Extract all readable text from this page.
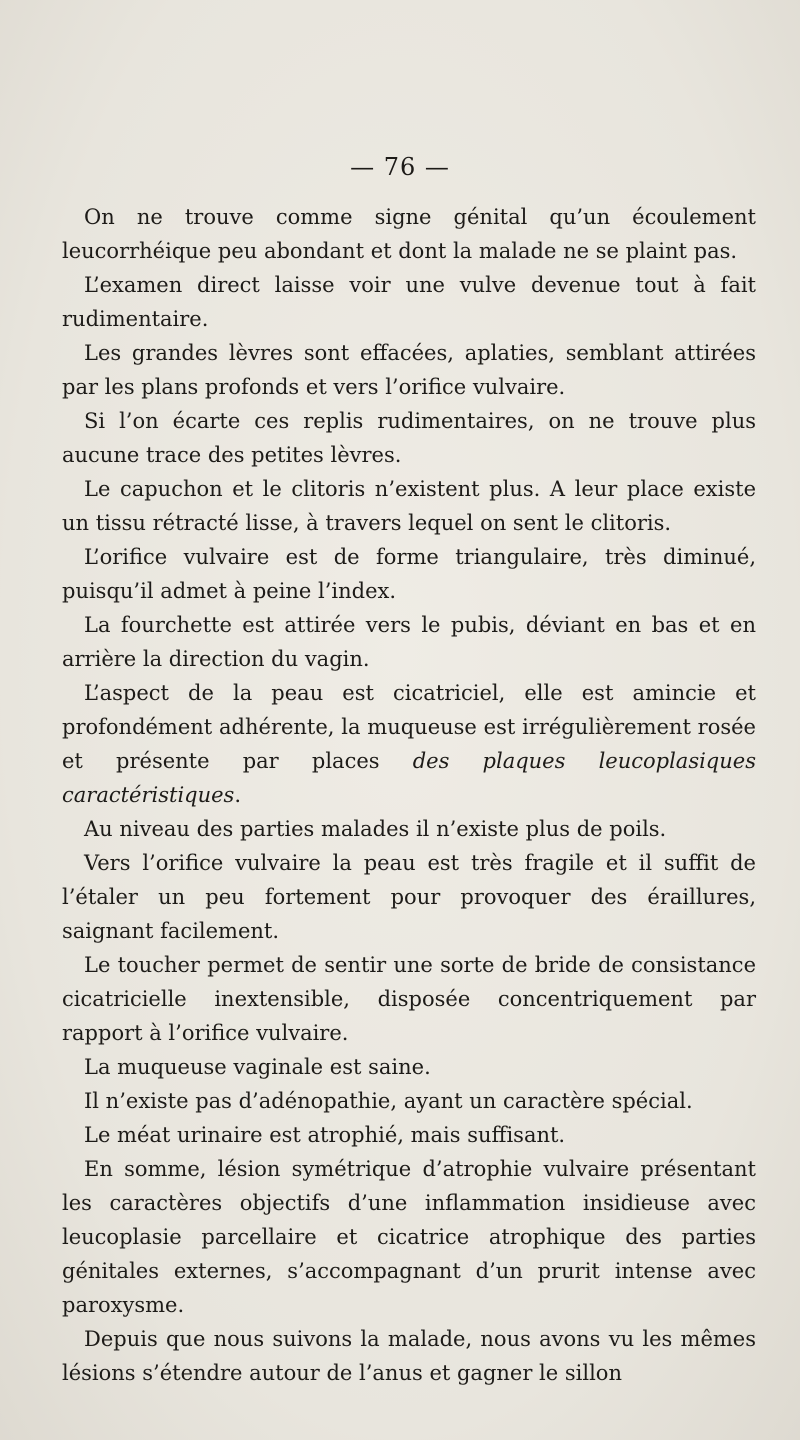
— 76 —

On ne trouve comme signe génital qu’un écoulement leucorrhéique peu abondant et dont la malade ne se plaint pas.

L’examen direct laisse voir une vulve devenue tout à fait rudimentaire.

Les grandes lèvres sont effacées, aplaties, semblant attirées par les plans profonds et vers l’orifice vulvaire.

Si l’on écarte ces replis rudimentaires, on ne trouve plus aucune trace des petites lèvres.

Le capuchon et le clitoris n’existent plus. A leur place existe un tissu rétracté lisse, à travers lequel on sent le clitoris.

L’orifice vulvaire est de forme triangulaire, très diminué, puisqu’il admet à peine l’index.

La fourchette est attirée vers le pubis, déviant en bas et en arrière la direction du vagin.

L’aspect de la peau est cicatriciel, elle est amincie et profondément adhérente, la muqueuse est irrégulièrement rosée et présente par places des plaques leucoplasiques caractéristiques.

Au niveau des parties malades il n’existe plus de poils.

Vers l’orifice vulvaire la peau est très fragile et il suffit de l’étaler un peu fortement pour provoquer des éraillures, saignant facilement.

Le toucher permet de sentir une sorte de bride de consistance cicatricielle inextensible, disposée concentriquement par rapport à l’orifice vulvaire.

La muqueuse vaginale est saine.

Il n’existe pas d’adénopathie, ayant un caractère spécial.

Le méat urinaire est atrophié, mais suffisant.

En somme, lésion symétrique d’atrophie vulvaire présentant les caractères objectifs d’une inflammation insidieuse avec leucoplasie parcellaire et cicatrice atrophique des parties génitales externes, s’accompagnant d’un prurit intense avec paroxysme.

Depuis que nous suivons la malade, nous avons vu les mêmes lésions s’étendre autour de l’anus et gagner le sillon
